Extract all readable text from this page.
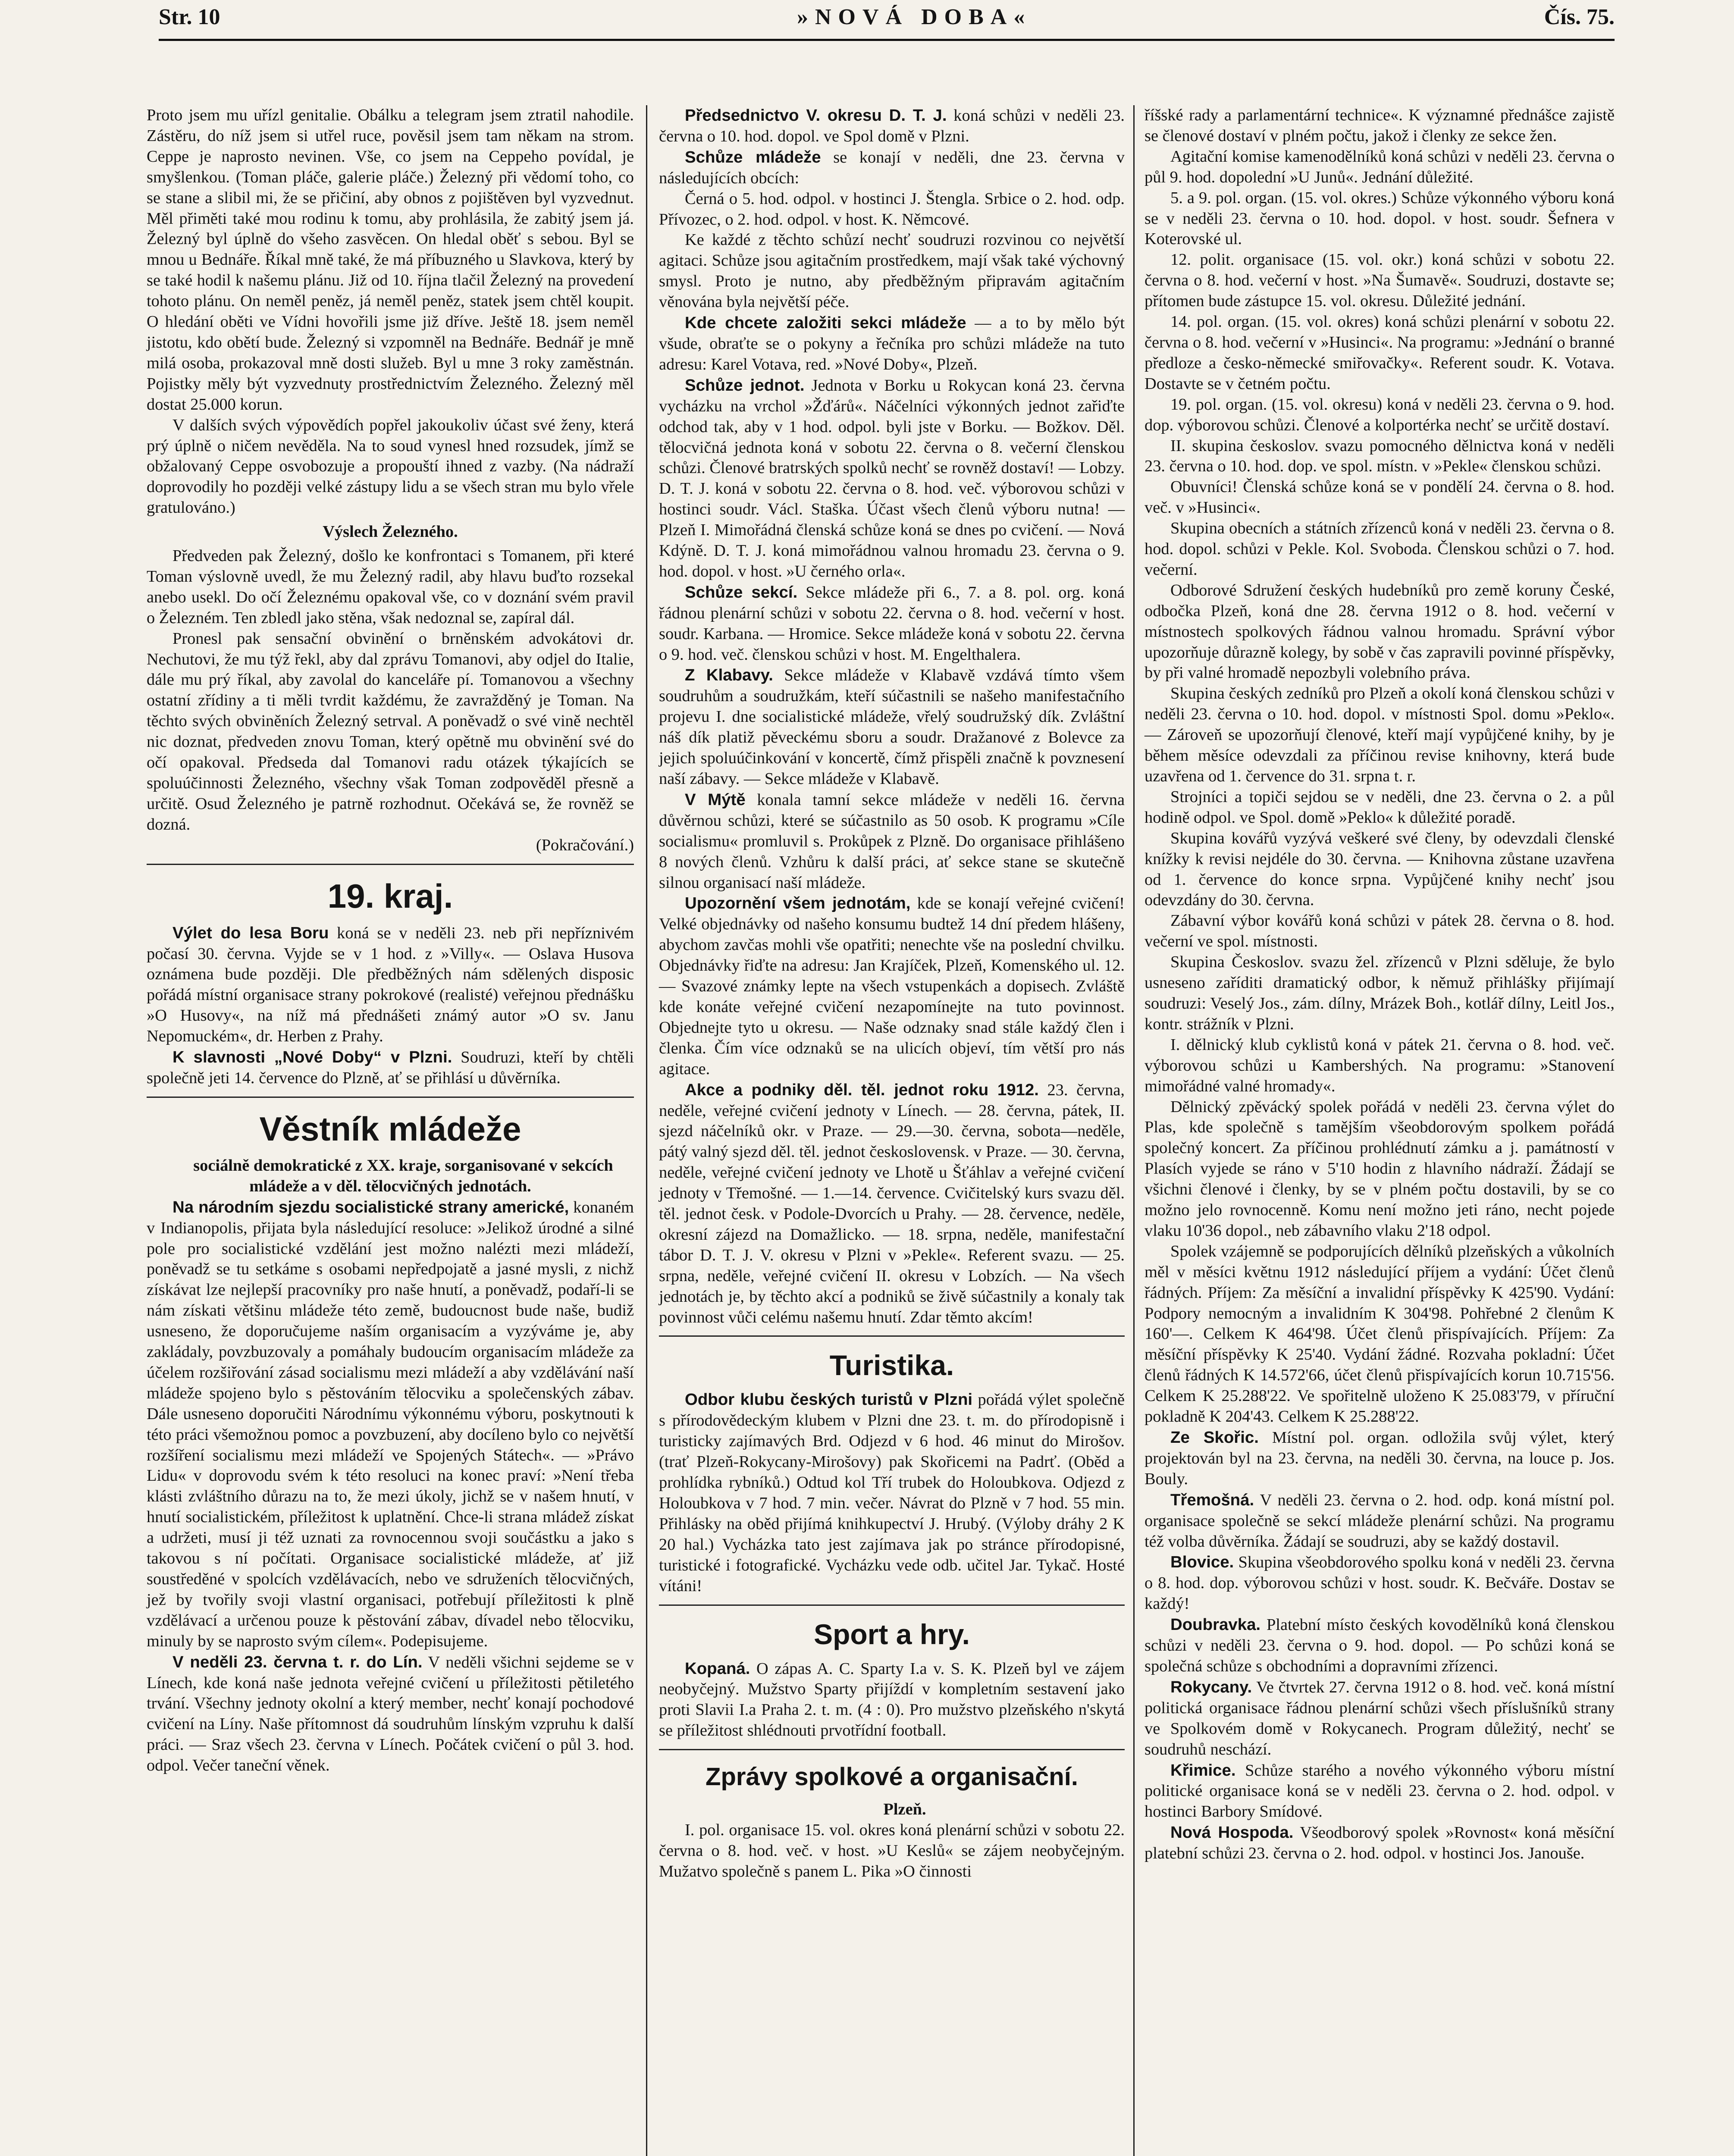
Str. 10	»NOVÁ DOBA«	Čís. 75.

Proto jsem mu uřízl genitalie. Obálku a telegram jsem ztratil nahodile. Zástěru, do níž jsem si utřel ruce, pověsil jsem tam někam na strom. Ceppe je naprosto nevinen. Vše, co jsem na Ceppeho povídal, je smyšlenkou. (Toman pláče, galerie pláče.) Železný při vědomí toho, co se stane a slibil mi, že se přičiní, aby obnos z pojištěven byl vyzvednut. Měl přiměti také mou rodinu k tomu, aby prohlásila, že zabitý jsem já. Železný byl úplně do všeho zasvěcen. On hledal oběť s sebou. Byl se mnou u Bednáře. Říkal mně také, že má příbuzného u Slavkova, který by se také hodil k našemu plánu. Již od 10. října tlačil Železný na provedení tohoto plánu. On neměl peněz, já neměl peněz, statek jsem chtěl koupit. O hledání oběti ve Vídni hovořili jsme již dříve. Ještě 18. jsem neměl jistotu, kdo obětí bude. Železný si vzpomněl na Bednáře. Bednář je mně milá osoba, prokazoval mně dosti služeb. Byl u mne 3 roky zaměstnán. Pojistky měly být vyzvednuty prostřednictvím Železného. Železný měl dostat 25.000 korun.

V dalších svých výpovědích popřel jakoukoliv účast své ženy, která prý úplně o ničem nevěděla. Na to soud vynesl hned rozsudek, jímž se obžalovaný Ceppe osvobozuje a propouští ihned z vazby. (Na nádraží doprovodily ho později velké zástupy lidu a se všech stran mu bylo vřele gratulováno.)

Výslech Železného.

Předveden pak Železný, došlo ke konfrontaci s Tomanem, při které Toman výslovně uvedl, že mu Železný radil, aby hlavu buďto rozsekal anebo usekl. Do očí Železnému opakoval vše, co v doznání svém pravil o Železném. Ten zbledl jako stěna, však nedoznal se, zapíral dál.

Pronesl pak sensační obvinění o brněnském advokátovi dr. Nechutovi, že mu týž řekl, aby dal zprávu Tomanovi, aby odjel do Italie, dále mu prý říkal, aby zavolal do kanceláře pí. Tomanovou a všechny ostatní zřídiny a ti měli tvrdit každému, že zavražděný je Toman. Na těchto svých obviněních Železný setrval. A poněvadž o své vině nechtěl nic doznat, předveden znovu Toman, který opětně mu obvinění své do očí opakoval. Předseda dal Tomanovi radu otázek týkajících se spoluúčinnosti Železného, všechny však Toman zodpověděl přesně a určitě. Osud Železného je patrně rozhodnut. Očekává se, že rovněž se dozná.

(Pokračování.)

19. kraj.

Výlet do lesa Boru koná se v neděli 23. neb při nepříznivém počasí 30. června. Vyjde se v 1 hod. z »Villy«. — Oslava Husova oznámena bude později. Dle předběžných nám sdělených disposic pořádá místní organisace strany pokrokové (realisté) veřejnou přednášku »O Husovy«, na níž má přednášeti známý autor »O sv. Janu Nepomuckém«, dr. Herben z Prahy.

K slavnosti „Nové Doby“ v Plzni. Soudruzi, kteří by chtěli společně jeti 14. července do Plzně, ať se přihlásí u důvěrníka.

Věstník mládeže

sociálně demokratické z XX. kraje, sorganisované v sekcích mládeže a v děl. tělocvičných jednotách.

Na národním sjezdu socialistické strany americké, konaném v Indianopolis, přijata byla následující resoluce: »Jelikož úrodné a silné pole pro socialistické vzdělání jest možno nalézti mezi mládeží, poněvadž se tu setkáme s osobami nepředpojatě a jasné mysli, z nichž získávat lze nejlepší pracovníky pro naše hnutí, a poněvadž, podaří-li se nám získati většinu mládeže této země, budoucnost bude naše, budiž usneseno, že doporučujeme naším organisacím a vyzýváme je, aby zakládaly, povzbuzovaly a pomáhaly budoucím organisacím mládeže za účelem rozšiřování zásad socialismu mezi mládeží a aby vzdělávání naší mládeže spojeno bylo s pěstováním tělocviku a společenských zábav. Dále usneseno doporučiti Národnímu výkonnému výboru, poskytnouti k této práci všemožnou pomoc a povzbuzení, aby docíleno bylo co největší rozšíření socialismu mezi mládeží ve Spojených Státech«. — »Právo Lidu« v doprovodu svém k této resoluci na konec praví: »Není třeba klásti zvláštního důrazu na to, že mezi úkoly, jichž se v našem hnutí, v hnutí socialistickém, příležitost k uplatnění. Chce-li strana mládež získat a udržeti, musí ji též uznati za rovnocennou svoji součástku a jako s takovou s ní počítati. Organisace socialistické mládeže, ať již soustředěné v spolcích vzdělávacích, nebo ve sdruženích tělocvičných, jež by tvořily svoji vlastní organisaci, potřebují příležitosti k plně vzdělávací a určenou pouze k pěstování zábav, dívadel nebo tělocviku, minuly by se naprosto svým cílem«. Podepisujeme.

V neděli 23. června t. r. do Lín. V neděli všichni sejdeme se v Línech, kde koná naše jednota veřejné cvičení u příležitosti pětiletého trvání. Všechny jednoty okolní a který member, nechť konají pochodové cvičení na Líny. Naše přítomnost dá soudruhům línským vzpruhu k další práci. — Sraz všech 23. června v Línech. Počátek cvičení o půl 3. hod. odpol. Večer taneční věnek.

Předsednictvo V. okresu D. T. J. koná schůzi v neděli 23. června o 10. hod. dopol. ve Spol domě v Plzni.

Schůze mládeže se konají v neděli, dne 23. června v následujících obcích:

Černá o 5. hod. odpol. v hostinci J. Štengla. Srbice o 2. hod. odp. Přívozec, o 2. hod. odpol. v host. K. Němcové.

Ke každé z těchto schůzí nechť soudruzi rozvinou co největší agitaci. Schůze jsou agitačním prostředkem, mají však také výchovný smysl. Proto je nutno, aby předběžným připravám agitačním věnována byla největší péče.

Kde chcete založiti sekci mládeže — a to by mělo být všude, obraťte se o pokyny a řečníka pro schůzi mládeže na tuto adresu: Karel Votava, red. »Nové Doby«, Plzeň.

Schůze jednot. Jednota v Borku u Rokycan koná 23. června vycházku na vrchol »Žďárů«. Náčelníci výkonných jednot zařiďte odchod tak, aby v 1 hod. odpol. byli jste v Borku. — Božkov. Děl. tělocvičná jednota koná v sobotu 22. června o 8. večerní členskou schůzi. Členové bratrských spolků nechť se rovněž dostaví! — Lobzy. D. T. J. koná v sobotu 22. června o 8. hod. več. výborovou schůzi v hostinci soudr. Václ. Staška. Účast všech členů výboru nutna! — Plzeň I. Mimořádná členská schůze koná se dnes po cvičení. — Nová Kdýně. D. T. J. koná mimořádnou valnou hromadu 23. června o 9. hod. dopol. v host. »U černého orla«.

Schůze sekcí. Sekce mládeže při 6., 7. a 8. pol. org. koná řádnou plenární schůzi v sobotu 22. června o 8. hod. večerní v host. soudr. Karbana. — Hromice. Sekce mládeže koná v sobotu 22. června o 9. hod. več. členskou schůzi v host. M. Engelthalera.

Z Klabavy. Sekce mládeže v Klabavě vzdává tímto všem soudruhům a soudružkám, kteří súčastnili se našeho manifestačního projevu I. dne socialistické mládeže, vřelý soudružský dík. Zvláštní náš dík platiž pěveckému sboru a soudr. Dražanové z Bolevce za jejich spoluúčinkování v koncertě, čímž přispěli značně k povznesení naší zábavy. — Sekce mládeže v Klabavě.

V Mýtě konala tamní sekce mládeže v neděli 16. června důvěrnou schůzi, které se súčastnilo as 50 osob. K programu »Cíle socialismu« promluvil s. Prokůpek z Plzně. Do organisace přihlášeno 8 nových členů. Vzhůru k další práci, ať sekce stane se skutečně silnou organisací naší mládeže.

Upozornění všem jednotám, kde se konají veřejné cvičení! Velké objednávky od našeho konsumu budtež 14 dní předem hlášeny, abychom zavčas mohli vše opatřiti; nenechte vše na poslední chvilku. Objednávky řiďte na adresu: Jan Krajíček, Plzeň, Komenského ul. 12. — Svazové známky lepte na všech vstupenkách a dopisech. Zvláště kde konáte veřejné cvičení nezapomínejte na tuto povinnost. Objednejte tyto u okresu. — Naše odznaky snad stále každý člen i členka. Čím více odznaků se na ulicích objeví, tím větší pro nás agitace.

Akce a podniky děl. těl. jednot roku 1912. 23. června, neděle, veřejné cvičení jednoty v Línech. — 28. června, pátek, II. sjezd náčelníků okr. v Praze. — 29.—30. června, sobota—neděle, pátý valný sjezd děl. těl. jednot československ. v Praze. — 30. června, neděle, veřejné cvičení jednoty ve Lhotě u Šťáhlav a veřejné cvičení jednoty v Třemošné. — 1.—14. července. Cvičitelský kurs svazu děl. těl. jednot česk. v Podole-Dvorcích u Prahy. — 28. července, neděle, okresní zájezd na Domažlicko. — 18. srpna, neděle, manifestační tábor D. T. J. V. okresu v Plzni v »Pekle«. Referent svazu. — 25. srpna, neděle, veřejné cvičení II. okresu v Lobzích. — Na všech jednotách je, by těchto akcí a podniků se živě súčastnily a konaly tak povinnost vůči celému našemu hnutí. Zdar těmto akcím!

Turistika.

Odbor klubu českých turistů v Plzni pořádá výlet společně s přírodovědeckým klubem v Plzni dne 23. t. m. do přírodopisně i turisticky zajímavých Brd. Odjezd v 6 hod. 46 minut do Mirošov. (trať Plzeň-Rokycany-Mirošovy) pak Skořicemi na Padrť. (Oběd a prohlídka rybníků.) Odtud kol Tří trubek do Holoubkova. Odjezd z Holoubkova v 7 hod. 7 min. večer. Návrat do Plzně v 7 hod. 55 min. Přihlásky na oběd přijímá knihkupectví J. Hrubý. (Výloby dráhy 2 K 20 hal.) Vycházka tato jest zajímava jak po stránce přírodopisné, turistické i fotografické. Vycházku vede odb. učitel Jar. Tykač. Hosté vítáni!

Sport a hry.

Kopaná. O zápas A. C. Sparty I.a v. S. K. Plzeň byl ve zájem neobyčejný. Mužstvo Sparty přijíždí v kompletním sestavení jako proti Slavii I.a Praha 2. t. m. (4 : 0). Pro mužstvo plzeňského n'skytá se příležitost shlédnouti prvotřídní football.

Zprávy spolkové a organisační.

Plzeň.

I. pol. organisace 15. vol. okres koná plenární schůzi v sobotu 22. června o 8. hod. več. v host. »U Keslů« se zájem neobyčejným. Mužatvo společně s panem L. Pika »O činnosti

říšské rady a parlamentární technice«. K významné přednášce zajistě se členové dostaví v plném počtu, jakož i členky ze sekce žen.

Agitační komise kamenodělníků koná schůzi v neděli 23. června o půl 9. hod. dopolední »U Junů«. Jednání důležité.

5. a 9. pol. organ. (15. vol. okres.) Schůze výkonného výboru koná se v neděli 23. června o 10. hod. dopol. v host. soudr. Šefnera v Koterovské ul.

12. polit. organisace (15. vol. okr.) koná schůzi v sobotu 22. června o 8. hod. večerní v host. »Na Šumavě«. Soudruzi, dostavte se; přítomen bude zástupce 15. vol. okresu. Důležité jednání.

14. pol. organ. (15. vol. okres) koná schůzi plenární v sobotu 22. června o 8. hod. večerní v »Husinci«. Na programu: »Jednání o branné předloze a česko-německé smiřovačky«. Referent soudr. K. Votava. Dostavte se v četném počtu.

19. pol. organ. (15. vol. okresu) koná v neděli 23. června o 9. hod. dop. výborovou schůzi. Členové a kolportérka nechť se určitě dostaví.

II. skupina českoslov. svazu pomocného dělnictva koná v neděli 23. června o 10. hod. dop. ve spol. místn. v »Pekle« členskou schůzi.

Obuvníci! Členská schůze koná se v pondělí 24. června o 8. hod. več. v »Husinci«.

Skupina obecních a státních zřízenců koná v neděli 23. června o 8. hod. dopol. schůzi v Pekle. Kol. Svoboda. Členskou schůzi o 7. hod. večerní.

Odborové Sdružení českých hudebníků pro země koruny České, odbočka Plzeň, koná dne 28. června 1912 o 8. hod. večerní v místnostech spolkových řádnou valnou hromadu. Správní výbor upozorňuje důrazně kolegy, by sobě v čas zapravili povinné příspěvky, by při valné hromadě nepozbyli volebního práva.

Skupina českých zedníků pro Plzeň a okolí koná členskou schůzi v neděli 23. června o 10. hod. dopol. v místnosti Spol. domu »Peklo«. — Zároveň se upozorňují členové, kteří mají vypůjčené knihy, by je během měsíce odevzdali za příčinou revise knihovny, která bude uzavřena od 1. července do 31. srpna t. r.

Strojníci a topiči sejdou se v neděli, dne 23. června o 2. a půl hodině odpol. ve Spol. domě »Peklo« k důležité poradě.

Skupina kovářů vyzývá veškeré své členy, by odevzdali členské knížky k revisi nejdéle do 30. června. — Knihovna zůstane uzavřena od 1. července do konce srpna. Vypůjčené knihy nechť jsou odevzdány do 30. června.

Zábavní výbor kovářů koná schůzi v pátek 28. června o 8. hod. večerní ve spol. místnosti.

Skupina Českoslov. svazu žel. zřízenců v Plzni sděluje, že bylo usneseno zaříditi dramatický odbor, k němuž přihlášky přijímají soudruzi: Veselý Jos., zám. dílny, Mrázek Boh., kotlář dílny, Leitl Jos., kontr. strážník v Plzni.

I. dělnický klub cyklistů koná v pátek 21. června o 8. hod. več. výborovou schůzi u Kambershých. Na programu: »Stanovení mimořádné valné hromady«.

Dělnický zpěvácký spolek pořádá v neděli 23. června výlet do Plas, kde společně s tamějším všeobdorovým spolkem pořádá společný koncert. Za příčinou prohlédnutí zámku a j. památností v Plasích vyjede se ráno v 5'10 hodin z hlavního nádraží. Žádají se všichni členové i členky, by se v plném počtu dostavili, by se co možno jelo rovnocenně. Komu není možno jeti ráno, necht pojede vlaku 10'36 dopol., neb zábavního vlaku 2'18 odpol.

Spolek vzájemně se podporujících dělníků plzeňských a vůkolních měl v měsíci květnu 1912 následující příjem a vydání: Účet členů řádných. Příjem: Za měsíční a invalidní příspěvky K 425'90. Vydání: Podpory nemocným a invalidním K 304'98. Pohřebné 2 členům K 160'—. Celkem K 464'98. Účet členů přispívajících. Příjem: Za měsíční příspěvky K 25'40. Vydání žádné. Rozvaha pokladní: Účet členů řádných K 14.572'66, účet členů přispívajících korun 10.715'56. Celkem K 25.288'22. Ve spořitelně uloženo K 25.083'79, v příruční pokladně K 204'43. Celkem K 25.288'22.

Ze Skořic. Místní pol. organ. odložila svůj výlet, který projektován byl na 23. června, na neděli 30. června, na louce p. Jos. Bouly.

Třemošná. V neděli 23. června o 2. hod. odp. koná místní pol. organisace společně se sekcí mládeže plenární schůzi. Na programu též volba důvěrníka. Žádají se soudruzi, aby se každý dostavil.

Blovice. Skupina všeobdorového spolku koná v neděli 23. června o 8. hod. dop. výborovou schůzi v host. soudr. K. Bečváře. Dostav se každý!

Doubravka. Platební místo českých kovodělníků koná členskou schůzi v neděli 23. června o 9. hod. dopol. — Po schůzi koná se společná schůze s obchodními a dopravními zřízenci.

Rokycany. Ve čtvrtek 27. června 1912 o 8. hod. več. koná místní politická organisace řádnou plenární schůzi všech příslušníků strany ve Spolkovém domě v Rokycanech. Program důležitý, nechť se soudruhů neschází.

Křimice. Schůze starého a nového výkonného výboru místní politické organisace koná se v neděli 23. června o 2. hod. odpol. v hostinci Barbory Smídové.

Nová Hospoda. Všeodborový spolek »Rovnost« koná měsíční platební schůzi 23. června o 2. hod. odpol. v hostinci Jos. Janouše.
